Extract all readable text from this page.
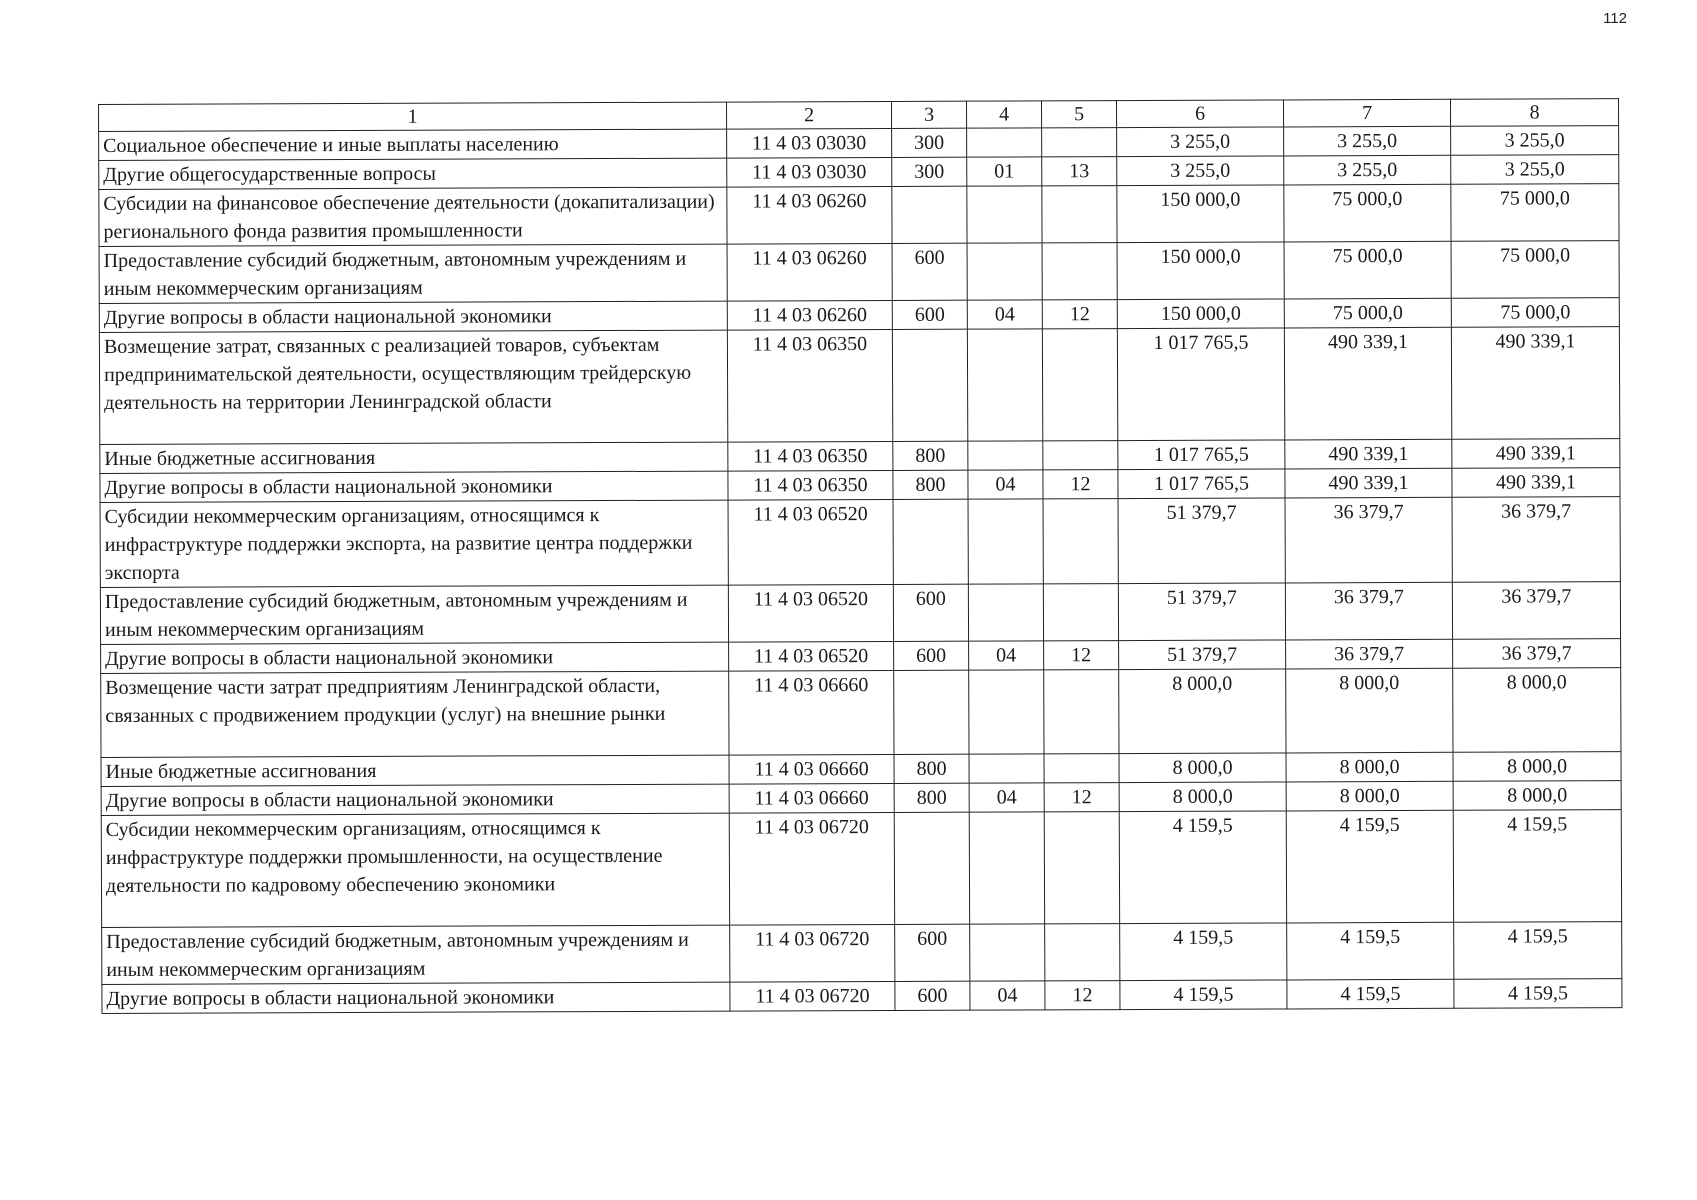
112
1	2	3	4	5	6	7	8
Социальное обеспечение и иные выплаты населению	11 4 03 03030	300			3 255,0	3 255,0	3 255,0
Другие общегосударственные вопросы	11 4 03 03030	300	01	13	3 255,0	3 255,0	3 255,0
Субсидии на финансовое обеспечение деятельности (докапитализации) регионального фонда развития промышленности	11 4 03 06260				150 000,0	75 000,0	75 000,0
Предоставление субсидий бюджетным, автономным учреждениям и иным некоммерческим организациям	11 4 03 06260	600			150 000,0	75 000,0	75 000,0
Другие вопросы в области национальной экономики	11 4 03 06260	600	04	12	150 000,0	75 000,0	75 000,0
Возмещение затрат, связанных с реализацией товаров, субъектам предпринимательской деятельности, осуществляющим трейдерскую деятельность на территории Ленинградской области	11 4 03 06350				1 017 765,5	490 339,1	490 339,1
Иные бюджетные ассигнования	11 4 03 06350	800			1 017 765,5	490 339,1	490 339,1
Другие вопросы в области национальной экономики	11 4 03 06350	800	04	12	1 017 765,5	490 339,1	490 339,1
Субсидии некоммерческим организациям, относящимся к инфраструктуре поддержки экспорта, на развитие центра поддержки экспорта	11 4 03 06520				51 379,7	36 379,7	36 379,7
Предоставление субсидий бюджетным, автономным учреждениям и иным некоммерческим организациям	11 4 03 06520	600			51 379,7	36 379,7	36 379,7
Другие вопросы в области национальной экономики	11 4 03 06520	600	04	12	51 379,7	36 379,7	36 379,7
Возмещение части затрат предприятиям Ленинградской области, связанных с продвижением продукции (услуг) на внешние рынки	11 4 03 06660				8 000,0	8 000,0	8 000,0
Иные бюджетные ассигнования	11 4 03 06660	800			8 000,0	8 000,0	8 000,0
Другие вопросы в области национальной экономики	11 4 03 06660	800	04	12	8 000,0	8 000,0	8 000,0
Субсидии некоммерческим организациям, относящимся к инфраструктуре поддержки промышленности, на осуществление деятельности по кадровому обеспечению экономики	11 4 03 06720				4 159,5	4 159,5	4 159,5
Предоставление субсидий бюджетным, автономным учреждениям и иным некоммерческим организациям	11 4 03 06720	600			4 159,5	4 159,5	4 159,5
Другие вопросы в области национальной экономики	11 4 03 06720	600	04	12	4 159,5	4 159,5	4 159,5
